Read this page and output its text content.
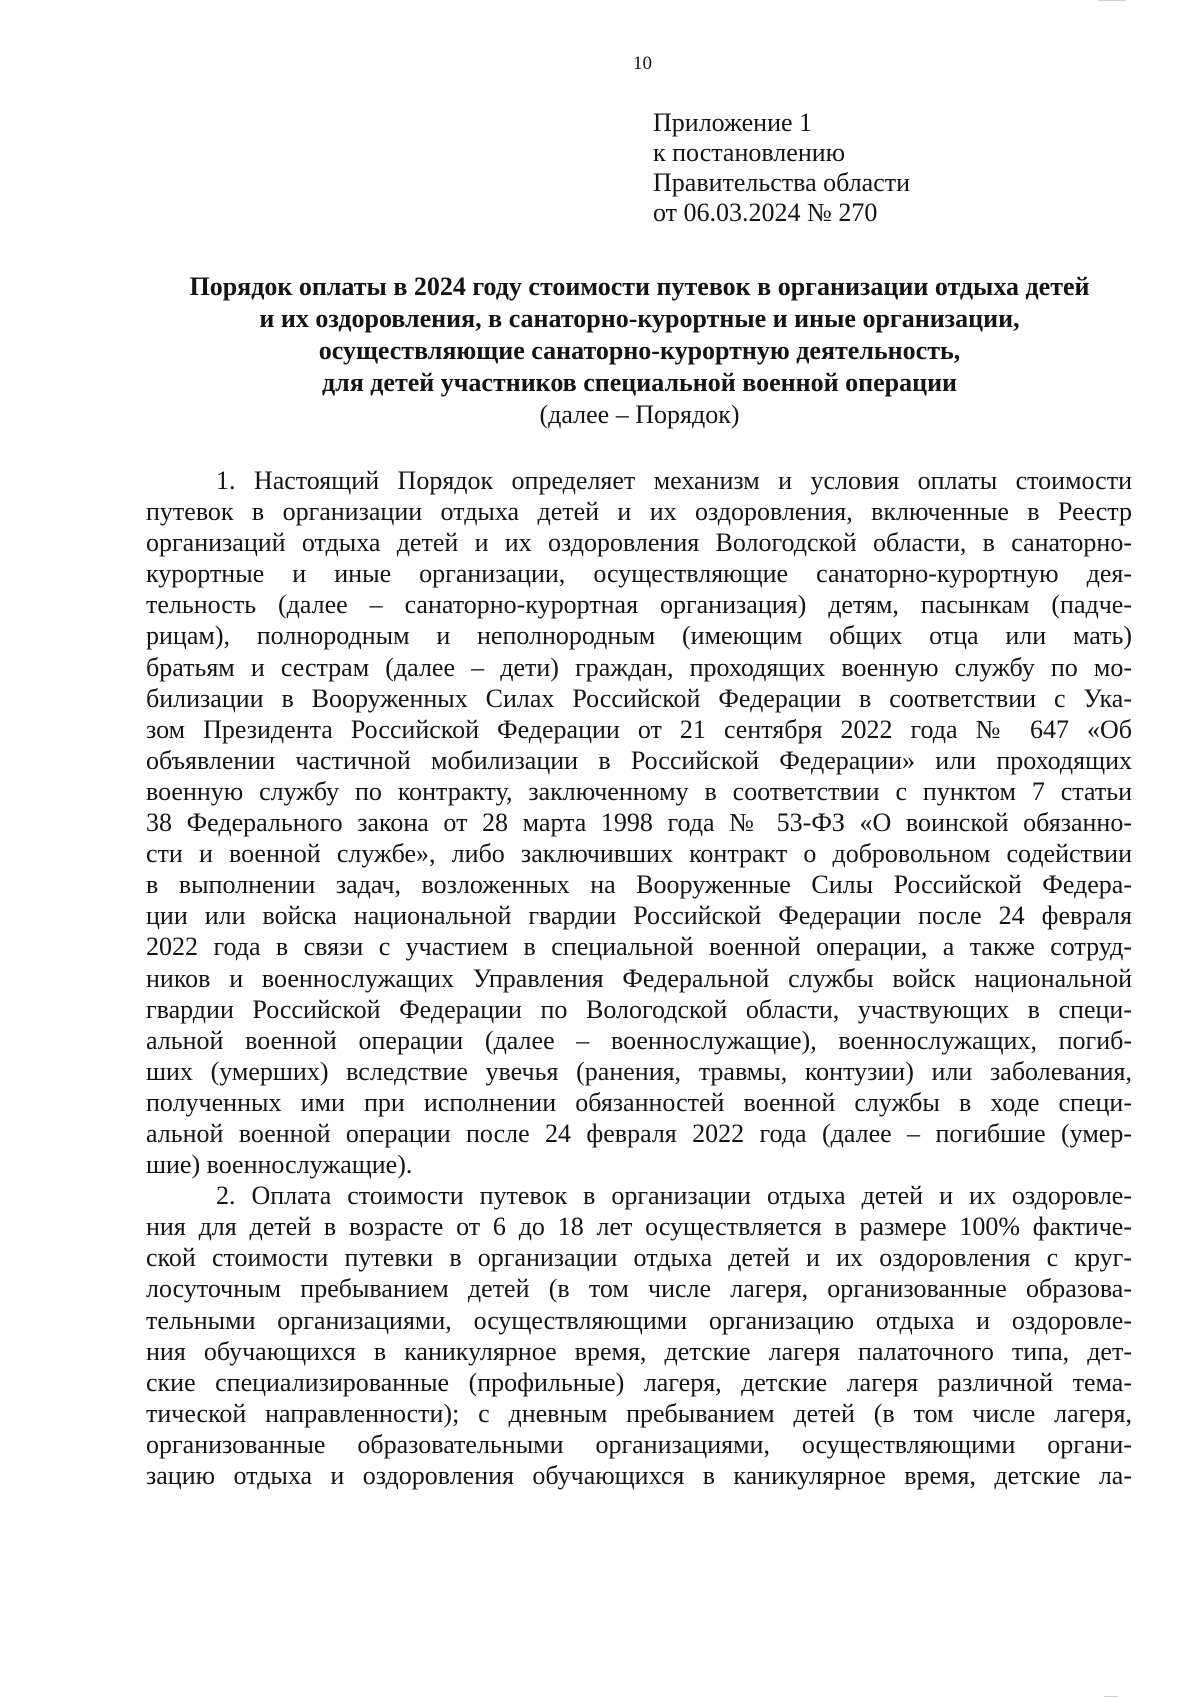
10
Приложение 1
к постановлению
Правительства области
от 06.03.2024 № 270
Порядок оплаты в 2024 году стоимости путевок в организации отдыха детей
и их оздоровления, в санаторно-курортные и иные организации,
осуществляющие санаторно-курортную деятельность,
для детей участников специальной военной операции
(далее – Порядок)
1. Настоящий Порядок определяет механизм и условия оплаты стоимости
путевок в организации отдыха детей и их оздоровления, включенные в Реестр
организаций отдыха детей и их оздоровления Вологодской области, в санаторно-
курортные и иные организации, осуществляющие санаторно-курортную дея-
тельность (далее – санаторно-курортная организация) детям, пасынкам (падче-
рицам), полнородным и неполнородным (имеющим общих отца или мать)
братьям и сестрам (далее – дети) граждан, проходящих военную службу по мо-
билизации в Вооруженных Силах Российской Федерации в соответствии с Ука-
зом Президента Российской Федерации от 21 сентября 2022 года № 647 «Об
объявлении частичной мобилизации в Российской Федерации» или проходящих
военную службу по контракту, заключенному в соответствии с пунктом 7 статьи
38 Федерального закона от 28 марта 1998 года № 53-ФЗ «О воинской обязанно-
сти и военной службе», либо заключивших контракт о добровольном содействии
в выполнении задач, возложенных на Вооруженные Силы Российской Федера-
ции или войска национальной гвардии Российской Федерации после 24 февраля
2022 года в связи с участием в специальной военной операции, а также сотруд-
ников и военнослужащих Управления Федеральной службы войск национальной
гвардии Российской Федерации по Вологодской области, участвующих в специ-
альной военной операции (далее – военнослужащие), военнослужащих, погиб-
ших (умерших) вследствие увечья (ранения, травмы, контузии) или заболевания,
полученных ими при исполнении обязанностей военной службы в ходе специ-
альной военной операции после 24 февраля 2022 года (далее – погибшие (умер-
шие) военнослужащие).
2. Оплата стоимости путевок в организации отдыха детей и их оздоровле-
ния для детей в возрасте от 6 до 18 лет осуществляется в размере 100% фактиче-
ской стоимости путевки в организации отдыха детей и их оздоровления с круг-
лосуточным пребыванием детей (в том числе лагеря, организованные образова-
тельными организациями, осуществляющими организацию отдыха и оздоровле-
ния обучающихся в каникулярное время, детские лагеря палаточного типа, дет-
ские специализированные (профильные) лагеря, детские лагеря различной тема-
тической направленности); с дневным пребыванием детей (в том числе лагеря,
организованные образовательными организациями, осуществляющими органи-
зацию отдыха и оздоровления обучающихся в каникулярное время, детские ла-
